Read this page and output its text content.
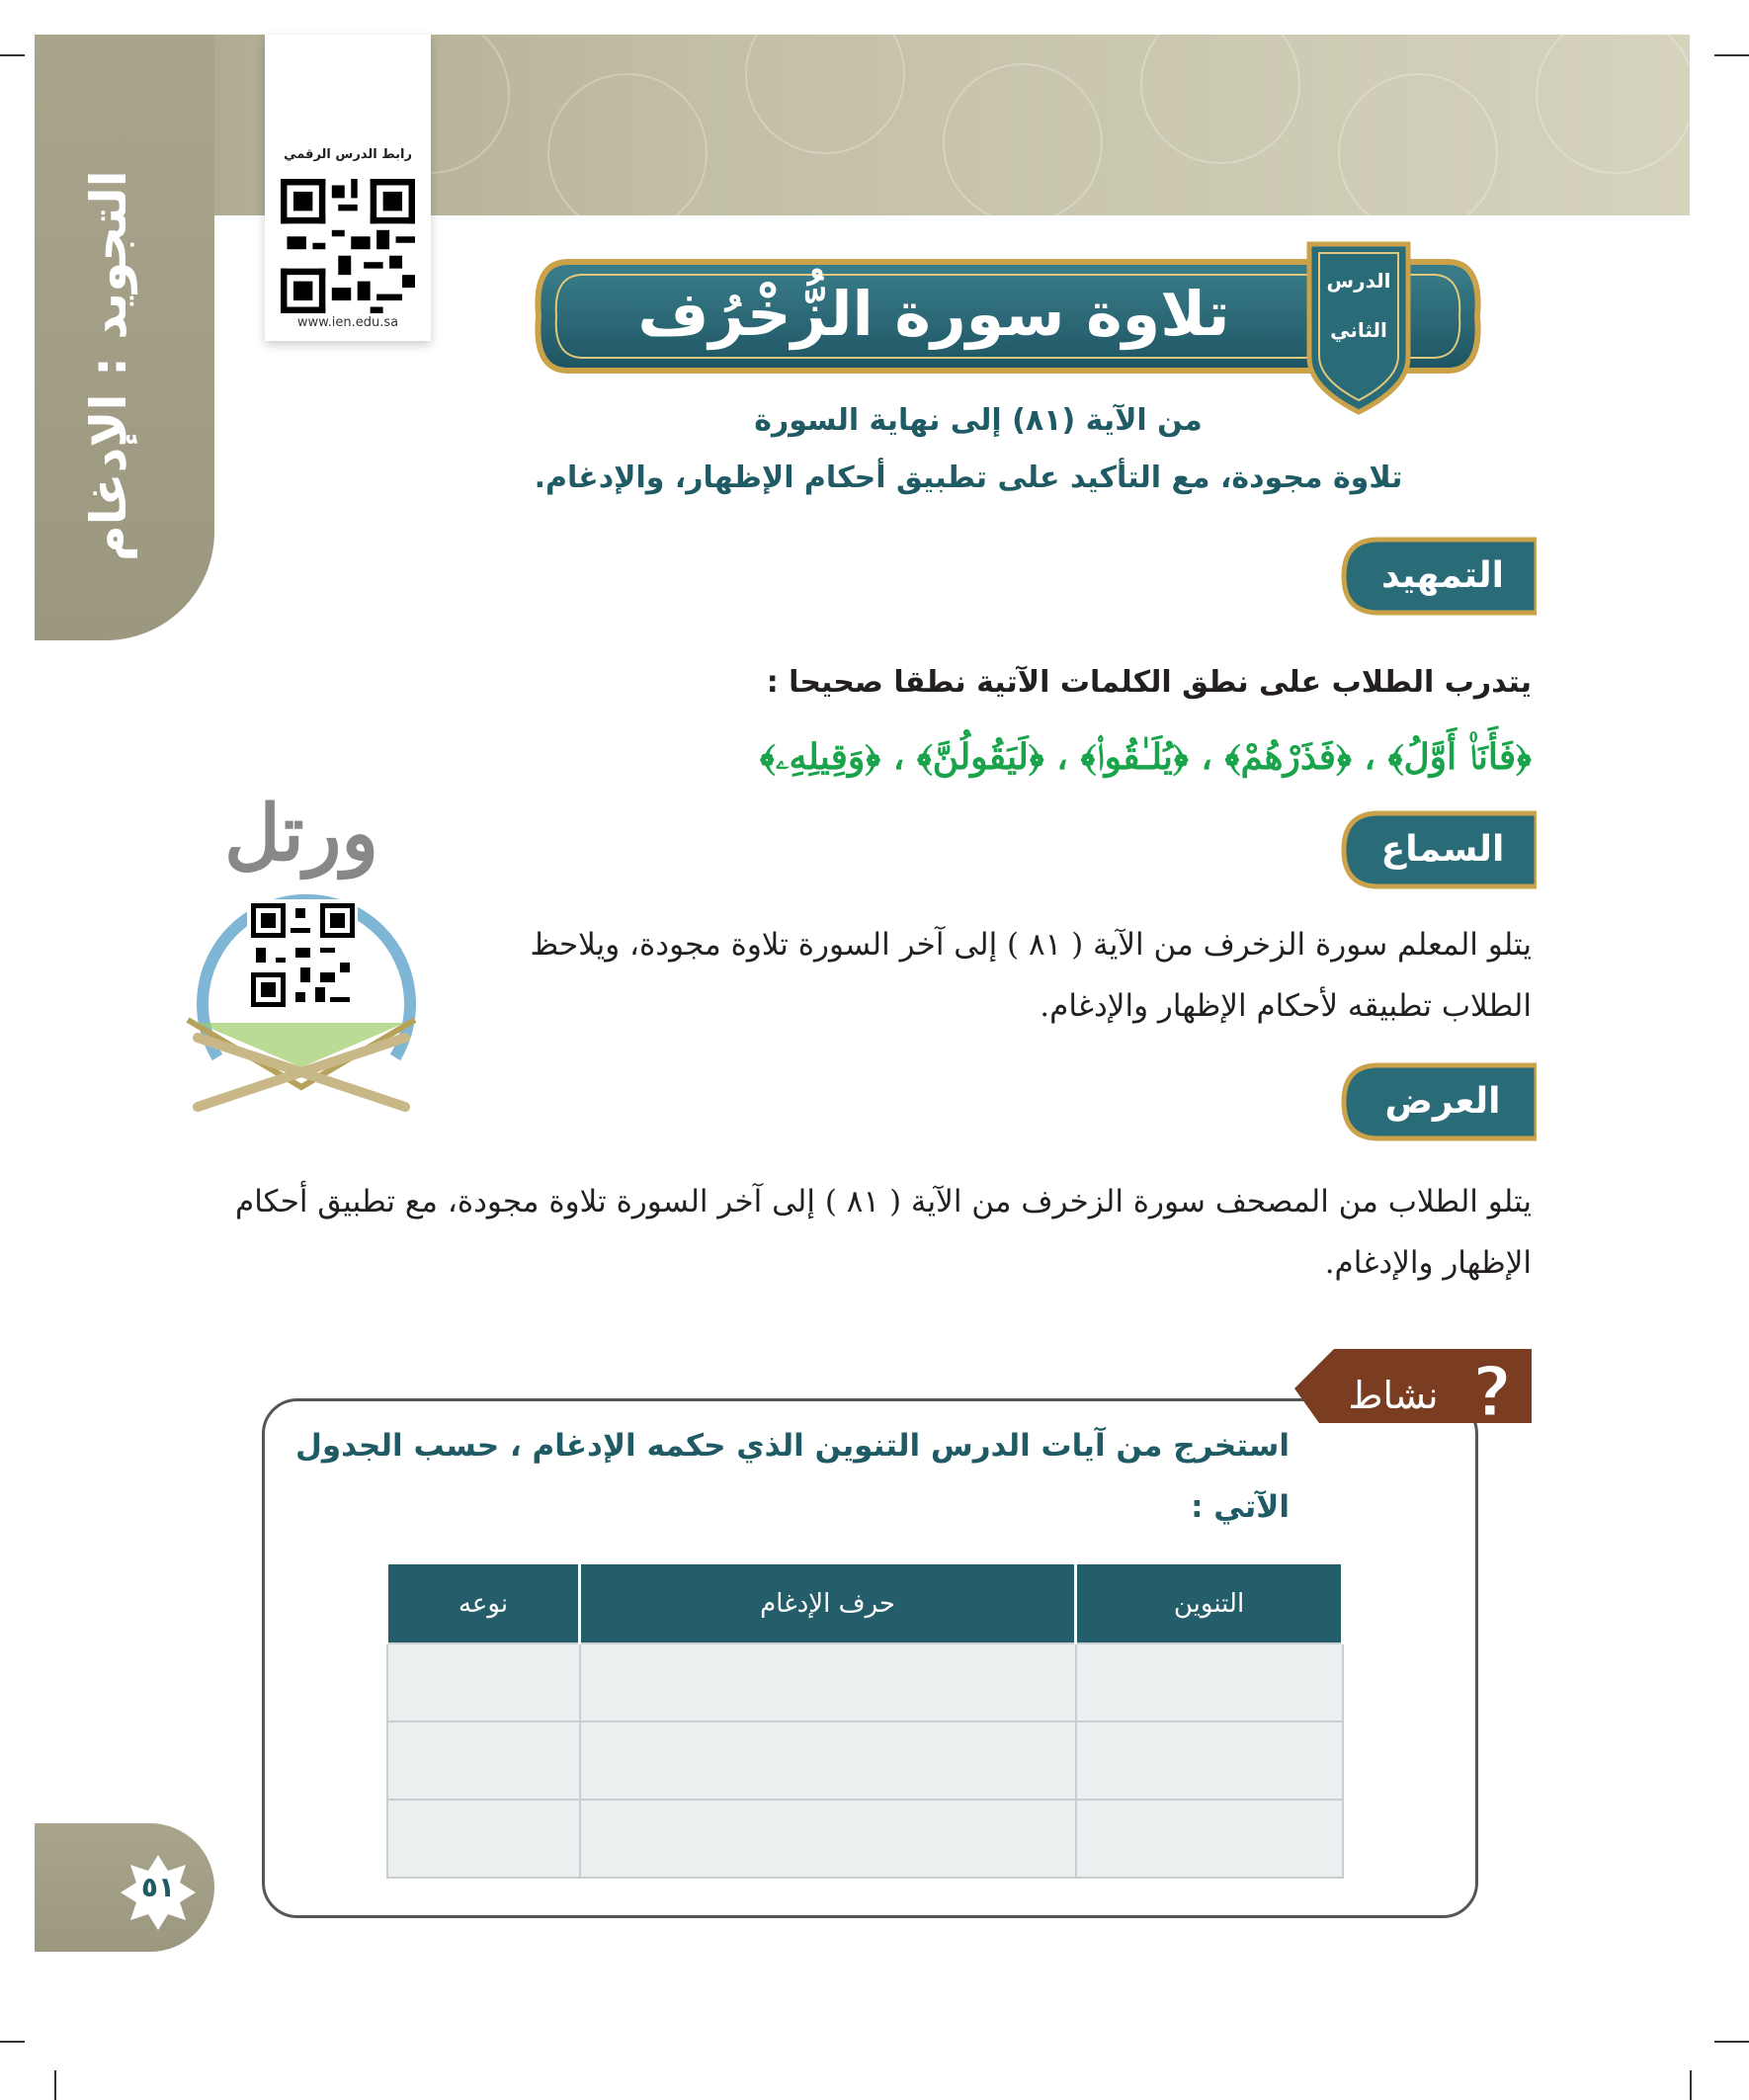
التجويد : الإدغام
رابط الدرس الرقمي
www.ien.edu.sa	تلاوة سورة الزُّخْرُف	الدرس
الثاني
من الآية (٨١) إلى نهاية السورة
تلاوة مجودة، مع التأكيد على تطبيق أحكام الإظهار، والإدغام.
التمهيد
يتدرب الطلاب على نطق الكلمات الآتية نطقا صحيحا :
﴿فَأَنَا۠ أَوَّلُ﴾ ، ﴿فَذَرْهُمْ﴾ ، ﴿يُلَـٰقُوا۟﴾ ، ﴿لَيَقُولُنَّ﴾ ، ﴿وَقِيلِهِۦ﴾
السماع
يتلو المعلم سورة الزخرف من الآية ( ٨١ ) إلى آخر السورة تلاوة مجودة، ويلاحظ الطلاب تطبيقه لأحكام الإظهار والإدغام.
العرض
يتلو الطلاب من المصحف سورة الزخرف من الآية ( ٨١ ) إلى آخر السورة تلاوة مجودة، مع تطبيق أحكام الإظهار والإدغام.
ورتل
?
نشاط
استخرج من آيات الدرس التنوين الذي حكمه الإدغام ، حسب الجدول الآتي :
التنوين	حرف الإدغام	نوعه

٥١
